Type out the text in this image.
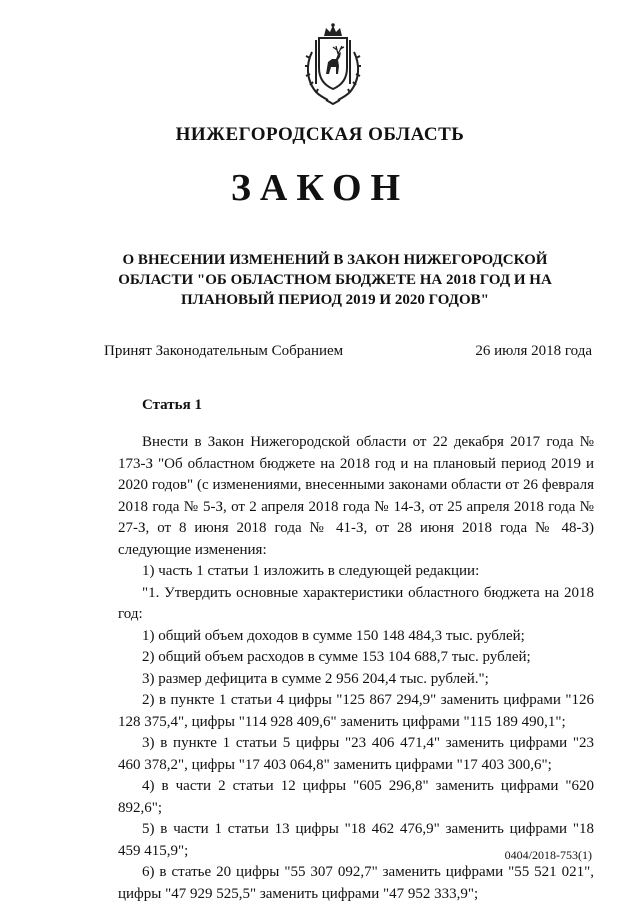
НИЖЕГОРОДСКАЯ ОБЛАСТЬ
ЗАКОН
О ВНЕСЕНИИ ИЗМЕНЕНИЙ В ЗАКОН НИЖЕГОРОДСКОЙ ОБЛАСТИ "ОБ ОБЛАСТНОМ БЮДЖЕТЕ НА 2018 ГОД И НА ПЛАНОВЫЙ ПЕРИОД 2019 И 2020 ГОДОВ"
Принят Законодательным Собранием	26 июля 2018 года
Статья 1

Внести в Закон Нижегородской области от 22 декабря 2017 года № 173-З "Об областном бюджете на 2018 год и на плановый период 2019 и 2020 годов" (с изменениями, внесенными законами области от 26 февраля 2018 года № 5-З, от 2 апреля 2018 года № 14-З, от 25 апреля 2018 года № 27-З, от 8 июня 2018 года № 41-З, от 28 июня 2018 года № 48-З) следующие изменения:

1) часть 1 статьи 1 изложить в следующей редакции:

"1. Утвердить основные характеристики областного бюджета на 2018 год:

1) общий объем доходов в сумме 150 148 484,3 тыс. рублей;

2) общий объем расходов в сумме 153 104 688,7 тыс. рублей;

3) размер дефицита в сумме 2 956 204,4 тыс. рублей.";

2) в пункте 1 статьи 4 цифры "125 867 294,9" заменить цифрами "126 128 375,4", цифры "114 928 409,6" заменить цифрами "115 189 490,1";

3) в пункте 1 статьи 5 цифры "23 406 471,4" заменить цифрами "23 460 378,2", цифры "17 403 064,8" заменить цифрами "17 403 300,6";

4) в части 2 статьи 12 цифры "605 296,8" заменить цифрами "620 892,6";

5) в части 1 статьи 13 цифры "18 462 476,9" заменить цифрами "18 459 415,9";

6) в статье 20 цифры "55 307 092,7" заменить цифрами "55 521 021", цифры "47 929 525,5" заменить цифрами "47 952 333,9";

0404/2018-753(1)
